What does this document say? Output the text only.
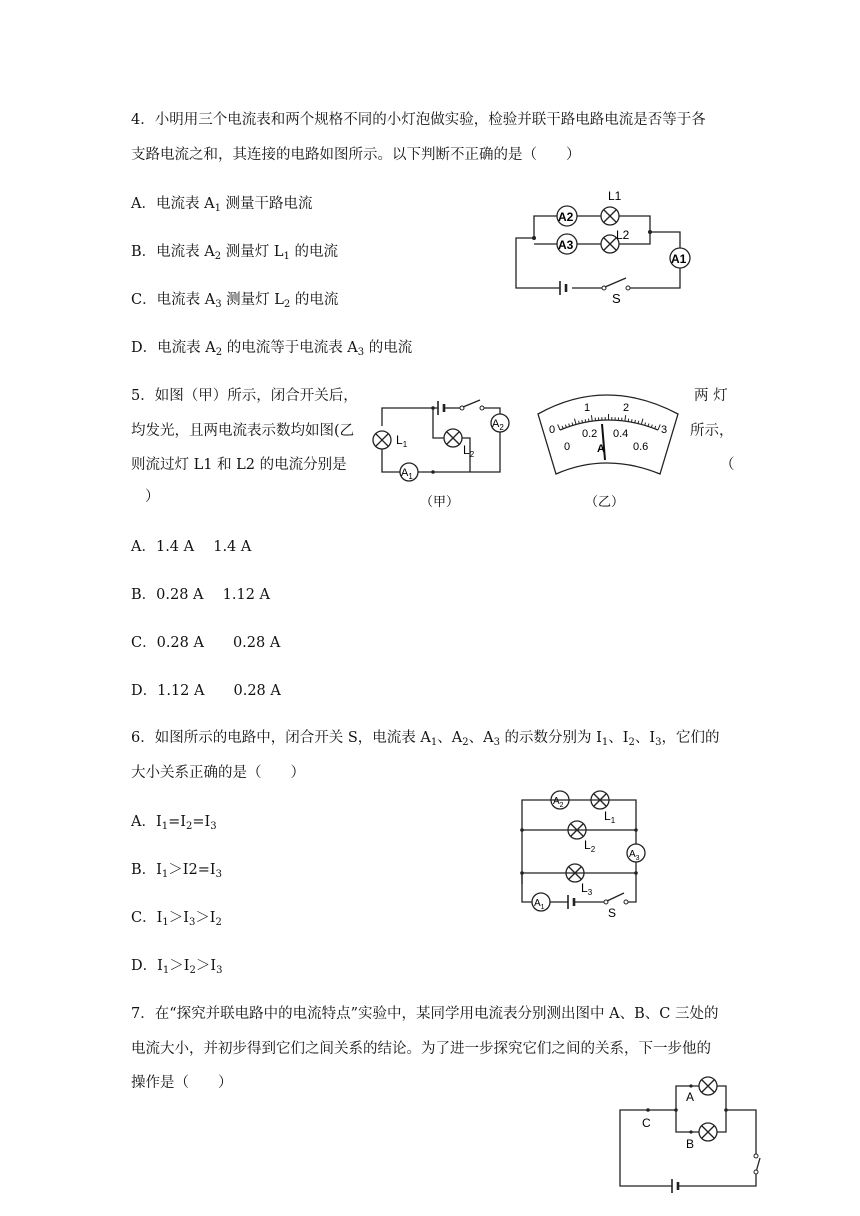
4．小明用三个电流表和两个规格不同的小灯泡做实验，检验并联干路电路电流是否等于各
支路电流之和，其连接的电路如图所示。以下判断不正确的是（　　）
A．电流表 $A_1$ 测量干路电流
B．电流表 $A_2$ 测量灯 $L_1$ 的电流
C．电流表 $A_3$ 测量灯 $L_2$ 的电流
D．电流表 $A_2$ 的电流等于电流表 $A_3$ 的电流
S
A1
A2
L1
A3
L2
5．如图（甲）所示，闭合开关后，	两 灯
均发光，且两电流表示数均如图(乙	所示，
则流过灯 L1 和 L2 的电流分别是	（
）
$A_2$
$L_2$
$L_1$
$A_1$
（甲）
0
1	2
3
0
0.2 0.4
0.6
A
（乙）
A．1.4 A　 1.4 A
B．0.28 A　 1.12 A
C．0.28 A　　0.28 A
D．1.12 A　　0.28 A
6．如图所示的电路中，闭合开关 S，电流表 $A_1$、$A_2$、$A_3$ 的示数分别为 $I_1$、$I_2$、$I_3$，它们的
大小关系正确的是（　　）
A．$I_1=I_2=I_3$
B．$I_1>I2=I_3$
C．$I_1>I_3>I_2$
D．$I_1>I_2>I_3$
$A_2$
$L_1$
$L_2$	$A_3$
$L_3$
$A_1$	S
7．在“探究并联电路中的电流特点”实验中，某同学用电流表分别测出图中 A、B、C 三处的
电流大小，并初步得到它们之间关系的结论。为了进一步探究它们之间的关系，下一步他的
操作是（　　）
C
A
B
